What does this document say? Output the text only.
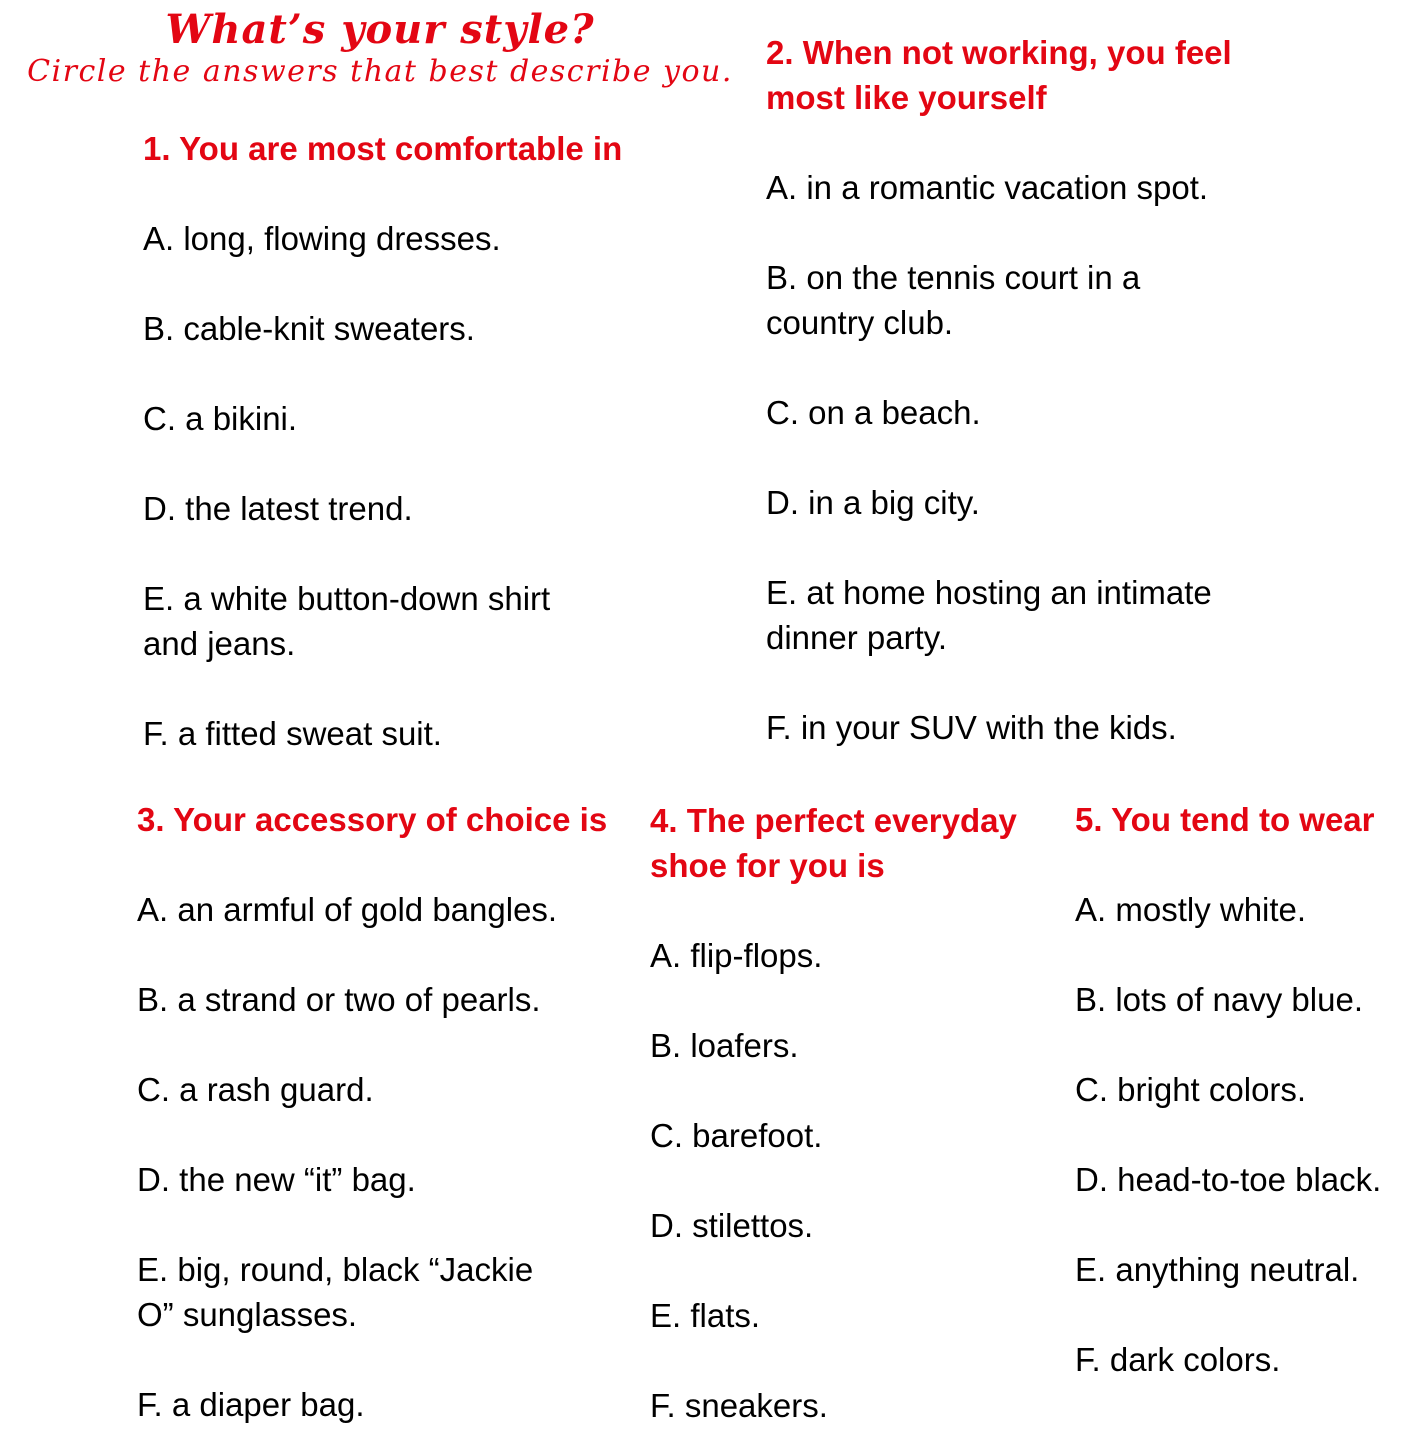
What’s your style?

Circle the answers that best describe you.

1. You are most comfortable in
A. long, flowing dresses.
B. cable-knit sweaters.
C. a bikini.
D. the latest trend.
E. a white button-down shirt
and jeans.
F. a fitted sweat suit.
2. When not working, you feel
most like yourself
A. in a romantic vacation spot.
B. on the tennis court in a
country club.
C. on a beach.
D. in a big city.
E. at home hosting an intimate
dinner party.
F. in your SUV with the kids.
3. Your accessory of choice is
A. an armful of gold bangles.
B. a strand or two of pearls.
C. a rash guard.
D. the new “it” bag.
E. big, round, black “Jackie
O” sunglasses.
F. a diaper bag.
4. The perfect everyday
shoe for you is
A. flip-flops.
B. loafers.
C. barefoot.
D. stilettos.
E. flats.
F. sneakers.
5. You tend to wear
A. mostly white.
B. lots of navy blue.
C. bright colors.
D. head-to-toe black.
E. anything neutral.
F. dark colors.
